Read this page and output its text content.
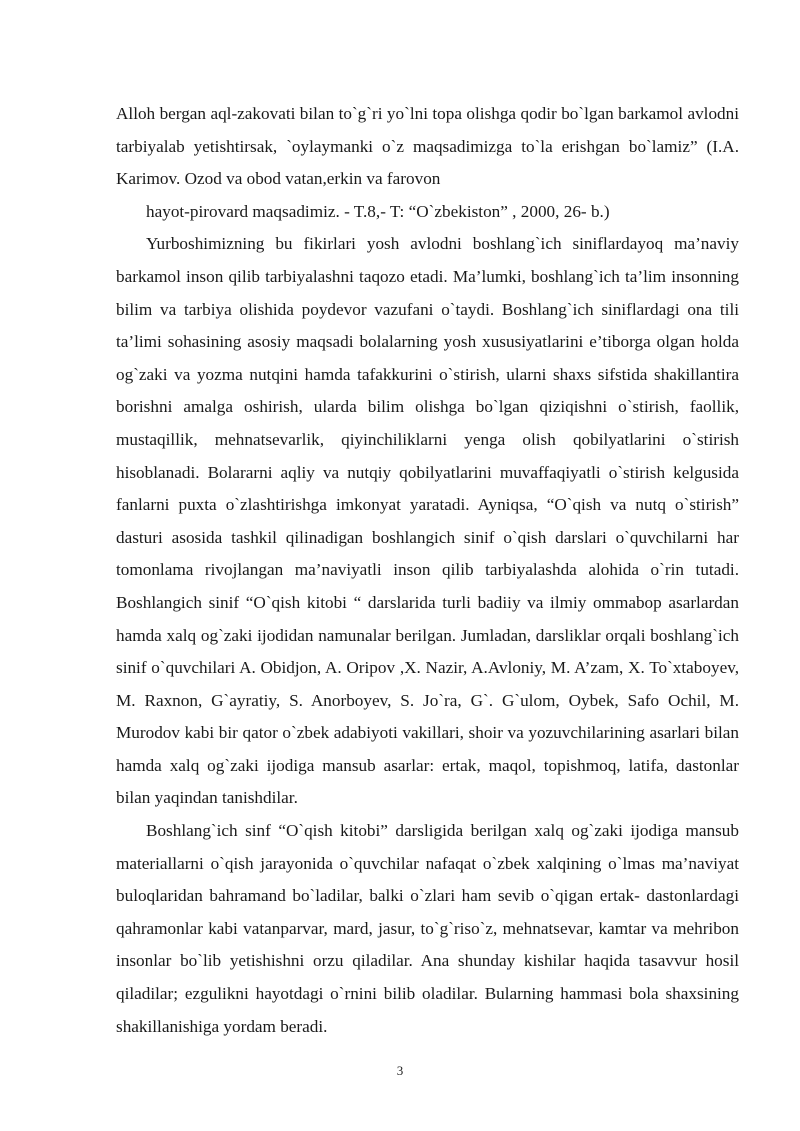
Alloh bergan aql-zakovati bilan to`g`ri yo`lni topa olishga qodir bo`lgan barkamol avlodni tarbiyalab yetishtirsak, `oylaymanki o`z maqsadimizga to`la erishgan bo`lamiz” (I.A. Karimov. Ozod va obod vatan,erkin va farovon

hayot-pirovard maqsadimiz. - T.8,- T: “O`zbekiston” , 2000, 26- b.)

Yurboshimizning bu fikirlari yosh avlodni boshlang`ich siniflardayoq ma’naviy barkamol inson qilib tarbiyalashni taqozo etadi. Ma’lumki, boshlang`ich ta’lim insonning bilim va tarbiya olishida poydevor vazufani o`taydi. Boshlang`ich siniflardagi ona tili ta’limi sohasining asosiy maqsadi bolalarning yosh xususiyatlarini e’tiborga olgan holda og`zaki va yozma nutqini hamda tafakkurini o`stirish, ularni shaxs sifstida shakillantira borishni amalga oshirish, ularda bilim olishga bo`lgan qiziqishni o`stirish, faollik, mustaqillik, mehnatsevarlik, qiyinchiliklarni yenga olish qobilyatlarini o`stirish hisoblanadi. Bolararni aqliy va nutqiy qobilyatlarini muvaffaqiyatli o`stirish kelgusida fanlarni puxta o`zlashtirishga imkonyat yaratadi. Ayniqsa, “O`qish va nutq o`stirish” dasturi asosida tashkil qilinadigan boshlangich sinif o`qish darslari o`quvchilarni har tomonlama rivojlangan ma’naviyatli inson qilib tarbiyalashda alohida o`rin tutadi. Boshlangich sinif “O`qish kitobi “ darslarida turli badiiy va ilmiy ommabop asarlardan hamda xalq og`zaki ijodidan namunalar berilgan. Jumladan, darsliklar orqali boshlang`ich sinif o`quvchilari A. Obidjon, A. Oripov ,X. Nazir, A.Avloniy, M. A’zam, X. To`xtaboyev, M. Raxnon, G`ayratiy, S. Anorboyev, S. Jo`ra, G`. G`ulom, Oybek, Safo Ochil, M. Murodov kabi bir qator o`zbek adabiyoti vakillari, shoir va yozuvchilarining asarlari bilan hamda xalq og`zaki ijodiga mansub asarlar: ertak, maqol, topishmoq, latifa, dastonlar bilan yaqindan tanishdilar.

Boshlang`ich sinf “O`qish kitobi” darsligida berilgan xalq og`zaki ijodiga mansub materiallarni o`qish jarayonida o`quvchilar nafaqat o`zbek xalqining o`lmas ma’naviyat buloqlaridan bahramand bo`ladilar, balki o`zlari ham sevib o`qigan ertak- dastonlardagi qahramonlar kabi vatanparvar, mard, jasur, to`g`riso`z, mehnatsevar, kamtar va mehribon insonlar bo`lib yetishishni orzu qiladilar. Ana shunday kishilar haqida tasavvur hosil qiladilar; ezgulikni hayotdagi o`rnini bilib oladilar. Bularning hammasi bola shaxsining shakillanishiga yordam beradi.

3
